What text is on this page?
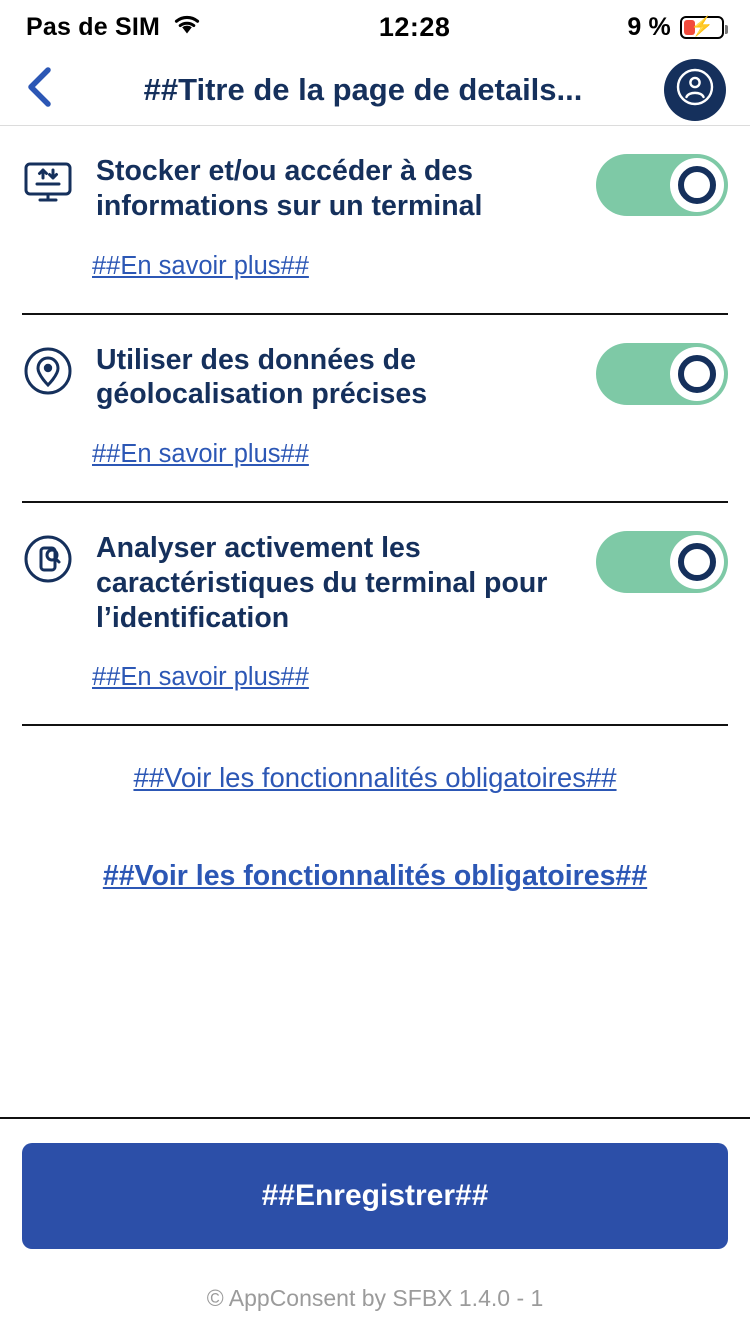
Pas de SIM	12:28	9 % ⚡
##Titre de la page de details...
Stocker et/ou accéder à des informations sur un terminal
##En savoir plus##
Utiliser des données de géolocalisation précises
##En savoir plus##
Analyser activement les caractéristiques du terminal pour l’identification
##En savoir plus##
##Voir les fonctionnalités obligatoires##
##Voir les fonctionnalités obligatoires##
##Enregistrer##
© AppConsent by SFBX 1.4.0 - 1
